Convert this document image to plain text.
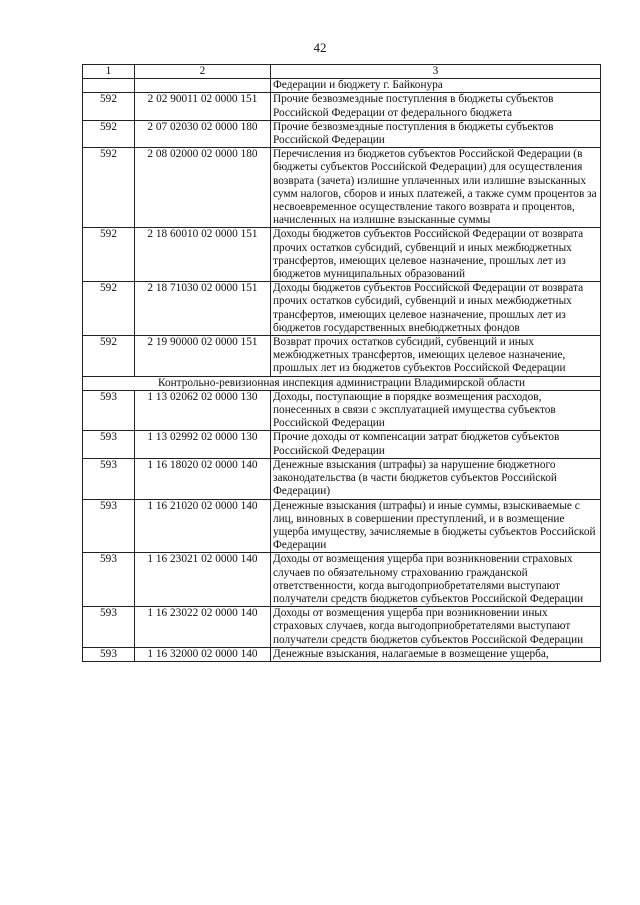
42
1	2	3
		Федерации и бюджету г. Байконура
592	2 02 90011 02 0000 151	Прочие безвозмездные поступления в бюджеты субъектов Российской Федерации от федерального бюджета
592	2 07 02030 02 0000 180	Прочие безвозмездные поступления в бюджеты субъектов Российской Федерации
592	2 08 02000 02 0000 180	Перечисления из бюджетов субъектов Российской Федерации (в бюджеты субъектов Российской Федерации) для осуществления возврата (зачета) излишне уплаченных или излишне взысканных сумм налогов, сборов и иных платежей, а также сумм процентов за несвоевременное осуществление такого возврата и процентов, начисленных на излишне взысканные суммы
592	2 18 60010 02 0000 151	Доходы бюджетов субъектов Российской Федерации от возврата прочих остатков субсидий, субвенций и иных межбюджетных трансфертов, имеющих целевое назначение, прошлых лет из бюджетов муниципальных образований
592	2 18 71030 02 0000 151	Доходы бюджетов субъектов Российской Федерации от возврата прочих остатков субсидий, субвенций и иных межбюджетных трансфертов, имеющих целевое назначение, прошлых лет из бюджетов государственных внебюджетных фондов
592	2 19 90000 02 0000 151	Возврат прочих остатков субсидий, субвенций и иных межбюджетных трансфертов, имеющих целевое назначение, прошлых лет из бюджетов субъектов Российской Федерации
Контрольно-ревизионная инспекция администрации Владимирской области		
593	1 13 02062 02 0000 130	Доходы, поступающие в порядке возмещения расходов, понесенных в связи с эксплуатацией имущества субъектов Российской Федерации
593	1 13 02992 02 0000 130	Прочие доходы от компенсации затрат бюджетов субъектов Российской Федерации
593	1 16 18020 02 0000 140	Денежные взыскания (штрафы) за нарушение бюджетного законодательства (в части бюджетов субъектов Российской Федерации)
593	1 16 21020 02 0000 140	Денежные взыскания (штрафы) и иные суммы, взыскиваемые с лиц, виновных в совершении преступлений, и в возмещение ущерба имуществу, зачисляемые в бюджеты субъектов Российской Федерации
593	1 16 23021 02 0000 140	Доходы от возмещения ущерба при возникновении страховых случаев по обязательному страхованию гражданской ответственности, когда выгодоприобретателями выступают получатели средств бюджетов субъектов Российской Федерации
593	1 16 23022 02 0000 140	Доходы от возмещения ущерба при возникновении иных страховых случаев, когда выгодоприобретателями выступают получатели средств бюджетов субъектов Российской Федерации
593	1 16 32000 02 0000 140	Денежные взыскания, налагаемые в возмещение ущерба,
